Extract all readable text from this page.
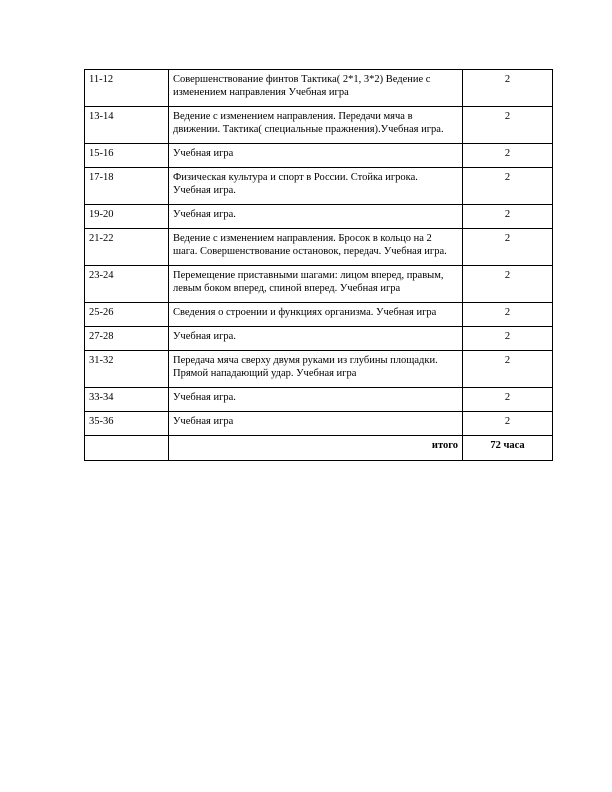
11-12	Совершенствование финтов Тактика( 2*1, 3*2) Ведение с изменением направления Учебная игра	2
13-14	Ведение с изменением направления. Передачи мяча в движении. Тактика( специальные пражнения).Учебная игра.	2
15-16	Учебная игра	2
17-18	Физическая культура и спорт в России. Стойка игрока. Учебная игра.	2
19-20	Учебная игра.	2
21-22	Ведение с изменением направления. Бросок в кольцо на 2 шага. Совершенствование остановок, передач. Учебная игра.	2
23-24	Перемещение приставными шагами: лицом вперед, правым, левым боком вперед, спиной вперед. Учебная игра	2
25-26	Сведения о строении и функциях организма. Учебная игра	2
27-28	Учебная игра.	2
31-32	Передача мяча сверху двумя руками из глубины площадки. Прямой нападающий удар. Учебная игра	2
33-34	Учебная игра.	2
35-36	Учебная игра	2
	итого	72 часа
